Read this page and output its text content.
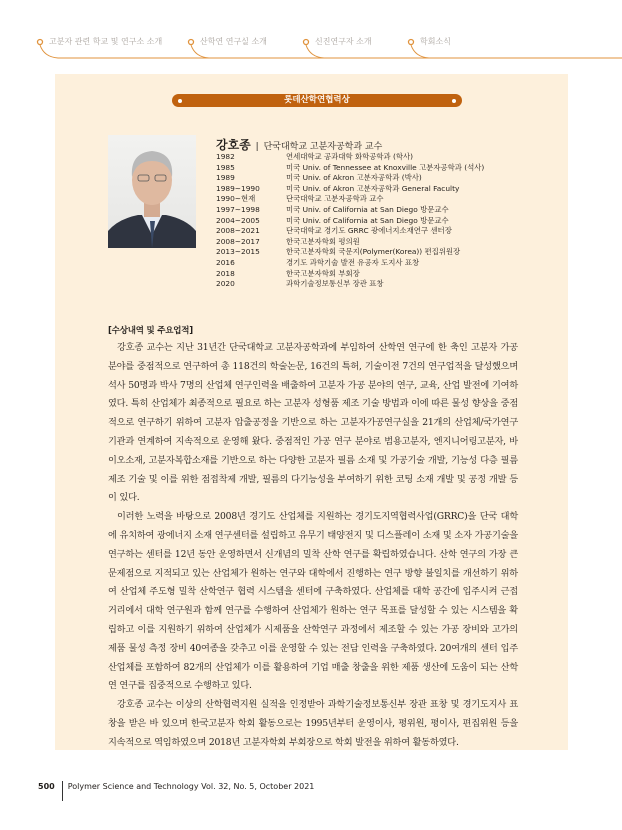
고분자 관련 학교 및 연구소 소개	산학연 연구실 소개	신진연구자 소개	학회소식
롯데산학연협력상
강호종 | 단국대학교 고분자공학과 교수
1982	연세대학교 공과대학 화학공학과 (학사)
1985	미국 Univ. of Tennessee at Knoxville 고분자공학과 (석사)
1989	미국 Univ. of Akron 고분자공학과 (박사)
1989~1990	미국 Univ. of Akron 고분자공학과 General Faculty
1990~현재	단국대학교 고분자공학과 교수
1997~1998	미국 Univ. of California at San Diego 방문교수
2004~2005	미국 Univ. of California at San Diego 방문교수
2008~2021	단국대학교 경기도 GRRC 광에너지소재연구 센터장
2008~2017	한국고분자학회 평의원
2013~2015	한국고분자학회 국문지(Polymer(Korea)) 편집위원장
2016	경기도 과학기술 발전 유공자 도지사 표창
2018	한국고분자학회 부회장
2020	과학기술정보통신부 장관 표창
[수상내역 및 주요업적]

강호종 교수는 지난 31년간 단국대학교 고분자공학과에 부임하여 산학연 연구에 한 축인 고분자 가공 분야를 중점적으로 연구하여 총 118건의 학술논문, 16건의 특허, 기술이전 7건의 연구업적을 달성했으며 석사 50명과 박사 7명의 산업체 연구인력을 배출하여 고분자 가공 분야의 연구, 교육, 산업 발전에 기여하였다. 특히 산업체가 최종적으로 필요로 하는 고분자 성형품 제조 기술 방법과 이에 따른 물성 향상을 중점적으로 연구하기 위하여 고분자 압출공정을 기반으로 하는 고분자가공연구실을 21개의 산업체/국가연구기관과 연계하여 지속적으로 운영해 왔다. 중점적인 가공 연구 분야로 범용고분자, 엔지니어링고분자, 바이오소재, 고분자복합소재를 기반으로 하는 다양한 고분자 필름 소재 및 가공기술 개발, 기능성 다층 필름 제조 기술 및 이를 위한 점접착제 개발, 필름의 다기능성을 부여하기 위한 코팅 소재 개발 및 공정 개발 등이 있다.

이러한 노력을 바탕으로 2008년 경기도 산업체를 지원하는 경기도지역협력사업(GRRC)을 단국 대학에 유치하여 광에너지 소재 연구센터를 설립하고 유무기 태양전지 및 디스플레이 소재 및 소자 가공기술을 연구하는 센터를 12년 동안 운영하면서 신개념의 밀착 산학 연구를 확립하였습니다. 산학 연구의 가장 큰 문제점으로 지적되고 있는 산업체가 원하는 연구와 대학에서 진행하는 연구 방향 불일치를 개선하기 위하여 산업체 주도형 밀착 산학연구 협력 시스템을 센터에 구축하였다. 산업체를 대학 공간에 입주시켜 근접 거리에서 대학 연구원과 함께 연구를 수행하여 산업체가 원하는 연구 목표를 달성할 수 있는 시스템을 확립하고 이를 지원하기 위하여 산업체가 시제품을 산학연구 과정에서 제조할 수 있는 가공 장비와 고가의 제품 물성 측정 장비 40여종을 갖추고 이를 운영할 수 있는 전담 인력을 구축하였다. 20여개의 센터 입주 산업체를 포함하여 82개의 산업체가 이를 활용하여 기업 매출 창출을 위한 제품 생산에 도움이 되는 산학연 연구를 집중적으로 수행하고 있다.

강호종 교수는 이상의 산학협력지원 실적을 인정받아 과학기술정보통신부 장관 표창 및 경기도지사 표창을 받은 바 있으며 한국고분자 학회 활동으로는 1995년부터 운영이사, 평위원, 평이사, 편집위원 등을 지속적으로 역임하였으며 2018년 고분자학회 부회장으로 학회 발전을 위하여 활동하였다.

500 Polymer Science and Technology Vol. 32, No. 5, October 2021
